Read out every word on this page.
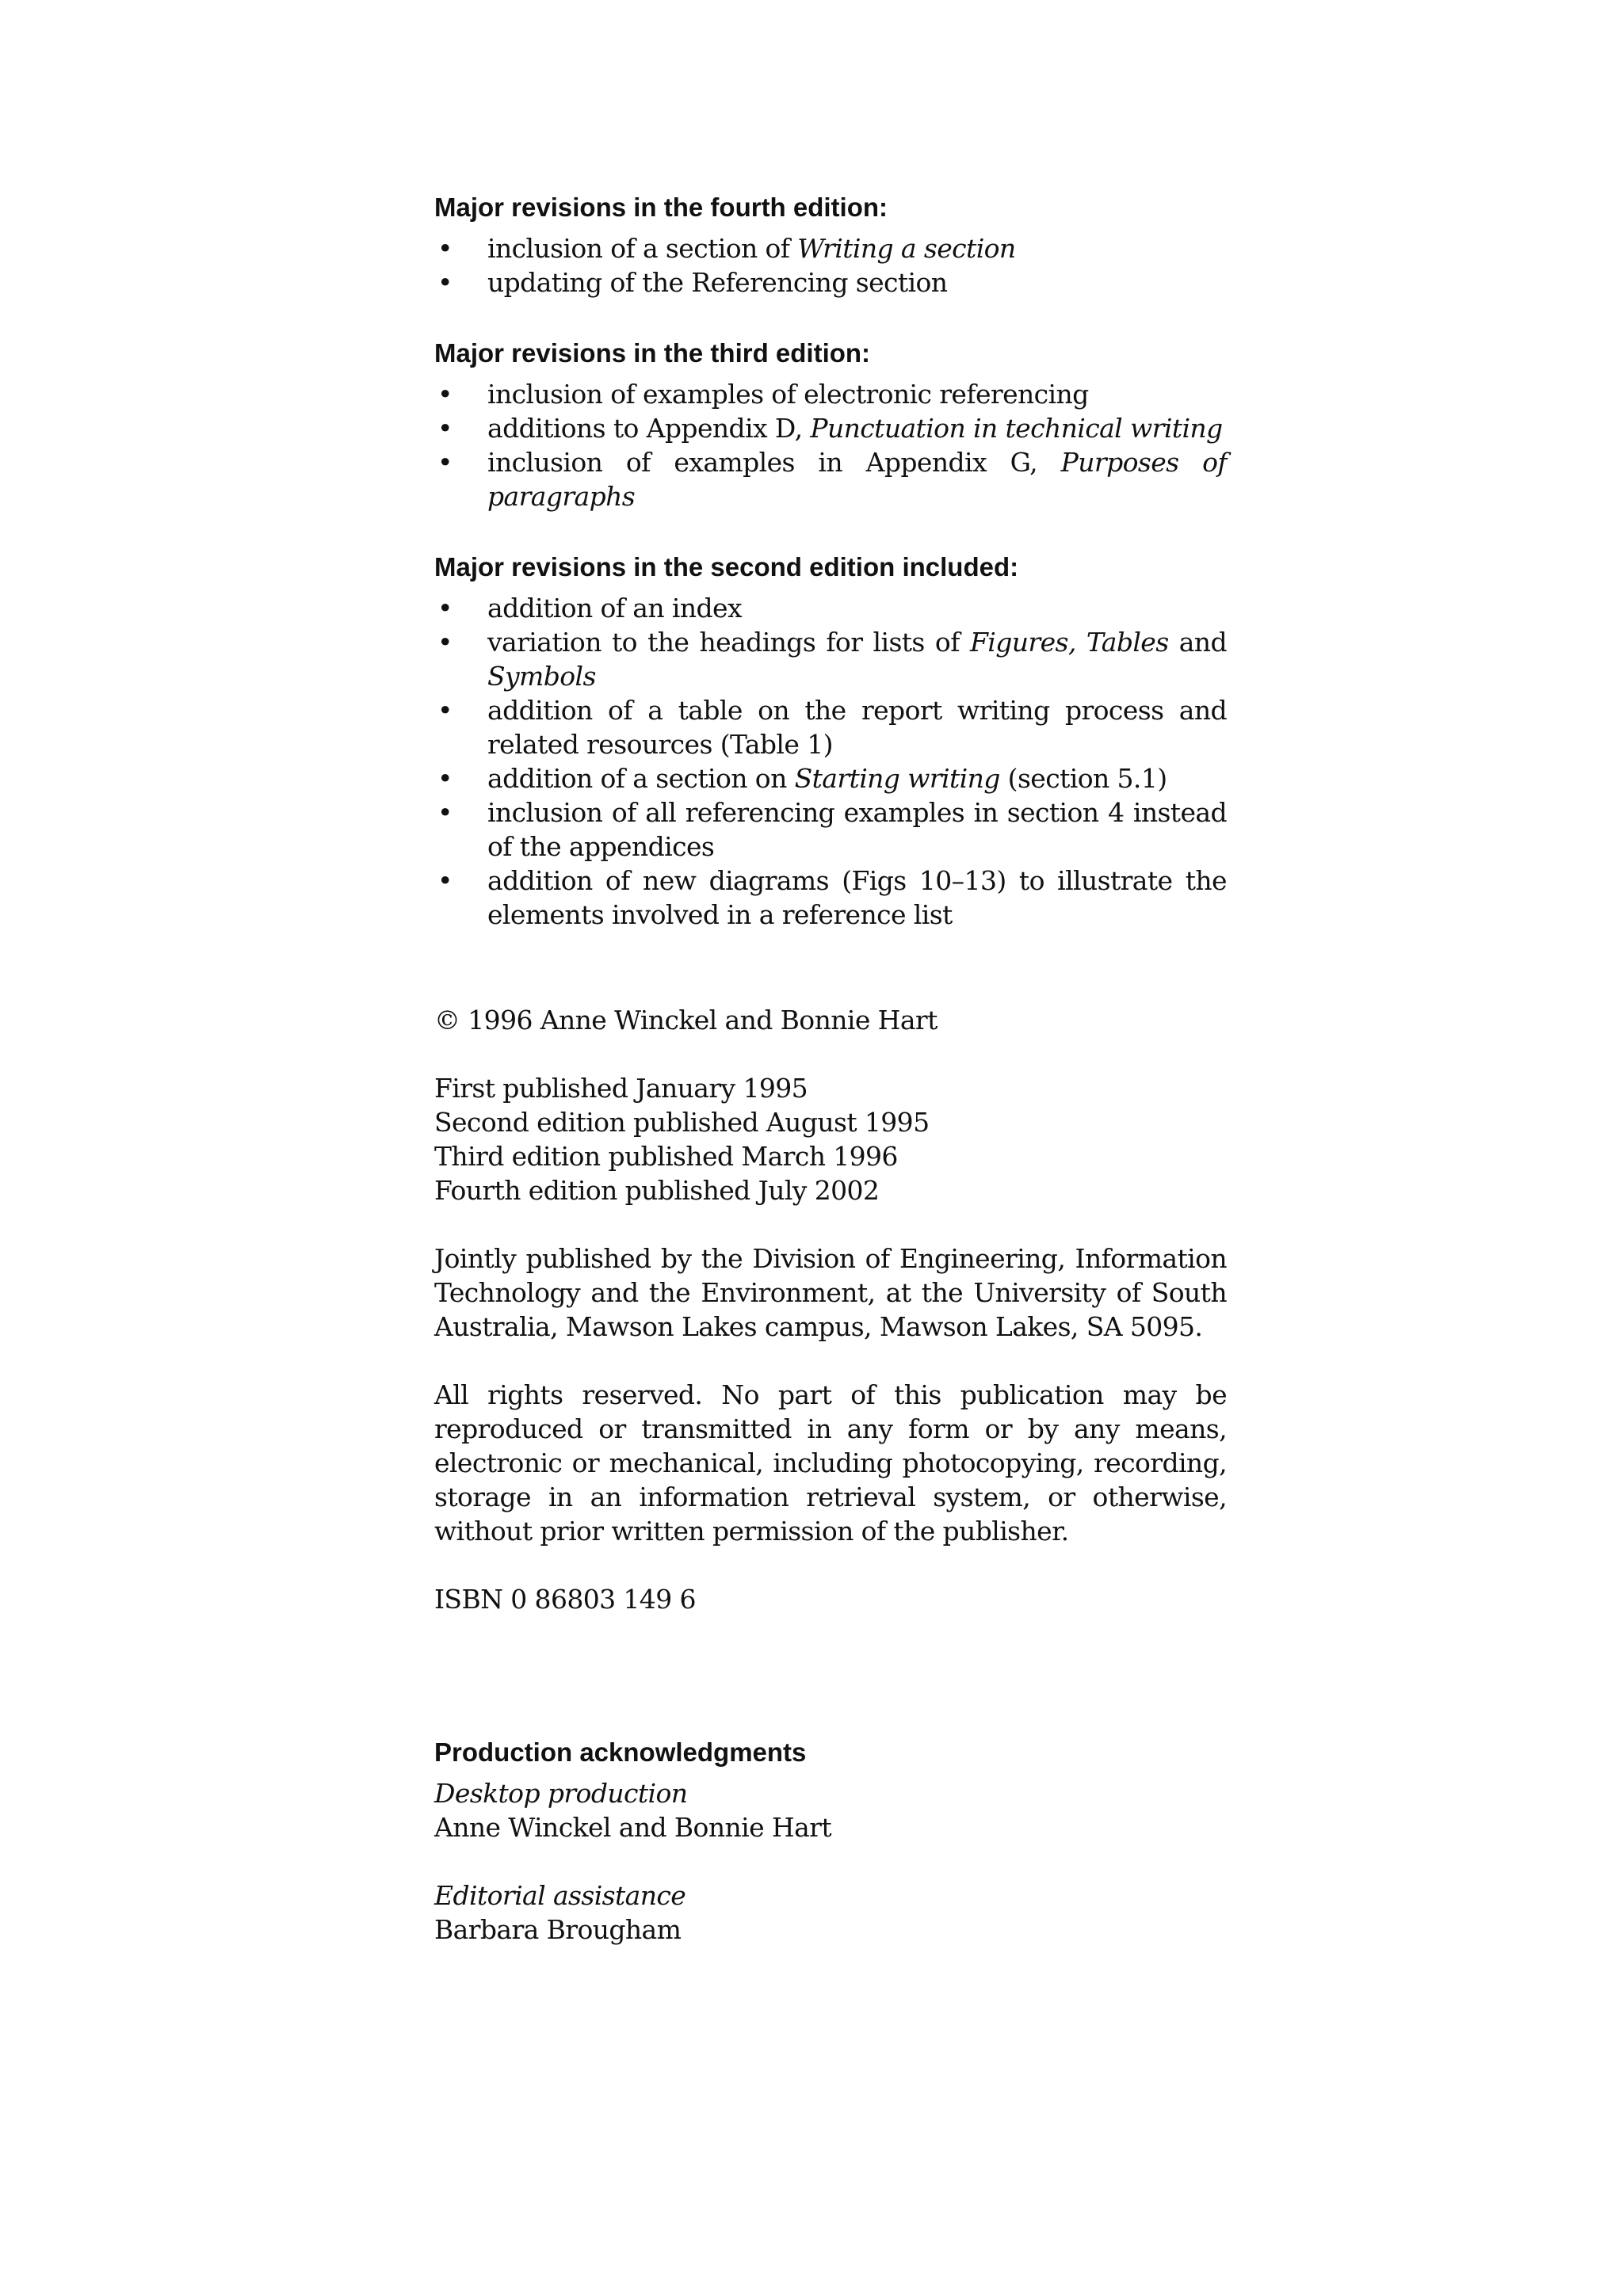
Major revisions in the fourth edition:
• inclusion of a section of Writing a section
• updating of the Referencing section
Major revisions in the third edition:
• inclusion of examples of electronic referencing
• additions to Appendix D, Punctuation in technical writing
• inclusion of examples in Appendix G, Purposes of paragraphs
Major revisions in the second edition included:
• addition of an index
• variation to the headings for lists of Figures, Tables and Symbols
• addition of a table on the report writing process and related resources (Table 1)
• addition of a section on Starting writing (section 5.1)
• inclusion of all referencing examples in section 4 instead of the appendices
• addition of new diagrams (Figs 10–13) to illustrate the elements involved in a reference list

© 1996 Anne Winckel and Bonnie Hart

First published January 1995

Second edition published August 1995

Third edition published March 1996

Fourth edition published July 2002

Jointly published by the Division of Engineering, Information Technology and the Environment, at the University of South Australia, Mawson Lakes campus, Mawson Lakes, SA 5095.

All rights reserved. No part of this publication may be reproduced or transmitted in any form or by any means, electronic or mechanical, including photocopying, recording, storage in an information retrieval system, or otherwise, without prior written permission of the publisher.

ISBN 0 86803 149 6

Production acknowledgments

Desktop production

Anne Winckel and Bonnie Hart

Editorial assistance

Barbara Brougham
